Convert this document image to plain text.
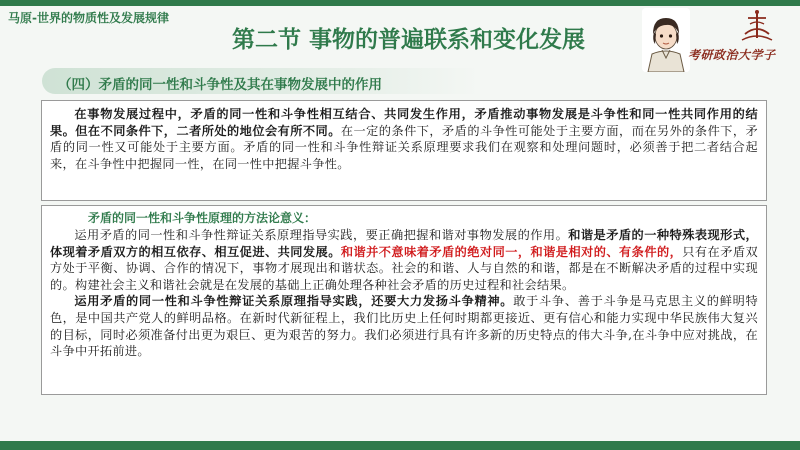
马原-世界的物质性及发展规律
第二节 事物的普遍联系和变化发展
考研政治大学子
（四）矛盾的同一性和斗争性及其在事物发展中的作用

在事物发展过程中，矛盾的同一性和斗争性相互结合、共同发生作用，矛盾推动事物发展是斗争性和同一性共同作用的结果。但在不同条件下，二者所处的地位会有所不同。在一定的条件下，矛盾的斗争性可能处于主要方面，而在另外的条件下，矛盾的同一性又可能处于主要方面。矛盾的同一性和斗争性辩证关系原理要求我们在观察和处理问题时，必须善于把二者结合起来，在斗争性中把握同一性，在同一性中把握斗争性。

矛盾的同一性和斗争性原理的方法论意义：

运用矛盾的同一性和斗争性辩证关系原理指导实践，要正确把握和谐对事物发展的作用。和谐是矛盾的一种特殊表现形式，体现着矛盾双方的相互依存、相互促进、共同发展。和谐并不意味着矛盾的绝对同一，和谐是相对的、有条件的，只有在矛盾双方处于平衡、协调、合作的情况下，事物才展现出和谐状态。社会的和谐、人与自然的和谐，都是在不断解决矛盾的过程中实现的。构建社会主义和谐社会就是在发展的基础上正确处理各种社会矛盾的历史过程和社会结果。

运用矛盾的同一性和斗争性辩证关系原理指导实践，还要大力发扬斗争精神。敢于斗争、善于斗争是马克思主义的鲜明特色，是中国共产党人的鲜明品格。在新时代新征程上，我们比历史上任何时期都更接近、更有信心和能力实现中华民族伟大复兴的目标，同时必须准备付出更为艰巨、更为艰苦的努力。我们必须进行具有许多新的历史特点的伟大斗争,在斗争中应对挑战，在斗争中开拓前进。
